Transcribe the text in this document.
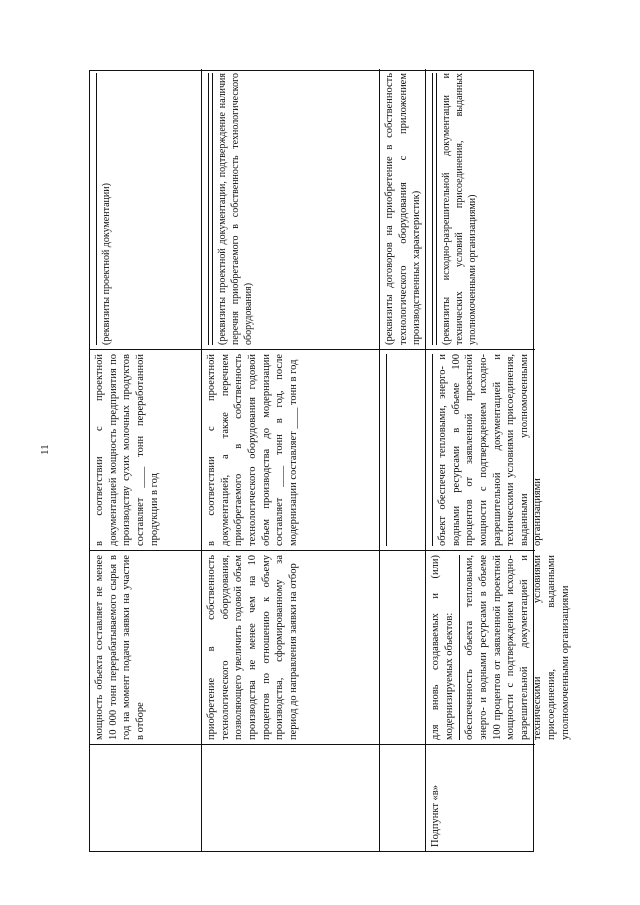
11
мощность объекта составляет не менее 10 000 тонн перерабатываемого сырья в год на момент подачи заявки на участие в отборе
в соответствии с проектной документацией мощность предприятия по производству сухих молочных продуктов составляет ____ тонн переработанной продукции в год
(реквизиты проектной документации)
приобретение в собственность технологического оборудования, позволяющего увеличить годовой объем производства не менее чем на 10 процентов по отношению к объему производства, сформированному за период до направления заявки на отбор
в соответствии с проектной документацией, а также перечнем приобретаемого в собственность технологического оборудования годовой объем производства до модернизации составляет ____ тонн в год, после модернизации составляет ____ тонн в год
(реквизиты проектной документации, подтверждение наличия перечня приобретаемого в собственность технологического оборудования)	(реквизиты договоров на приобретение в собственность технологического оборудования с приложением производственных характеристик)
Подпункт «в»
для вновь создаваемых и (или) модернизируемых объектов: обеспеченность объекта тепловыми, энерго- и водными ресурсами в объеме 100 процентов от заявленной проектной мощности с подтверждением исходно-разрешительной документацией и техническими условиями присоединения, выданными уполномоченными организациями
объект обеспечен тепловыми, энерго- и водными ресурсами в объеме 100 процентов от заявленной проектной мощности с подтверждением исходно-разрешительной документацией и техническими условиями присоединения, выданными уполномоченными организациями
(реквизиты исходно-разрешительной документации и технических условий присоединения, выданных уполномоченными организациями)
